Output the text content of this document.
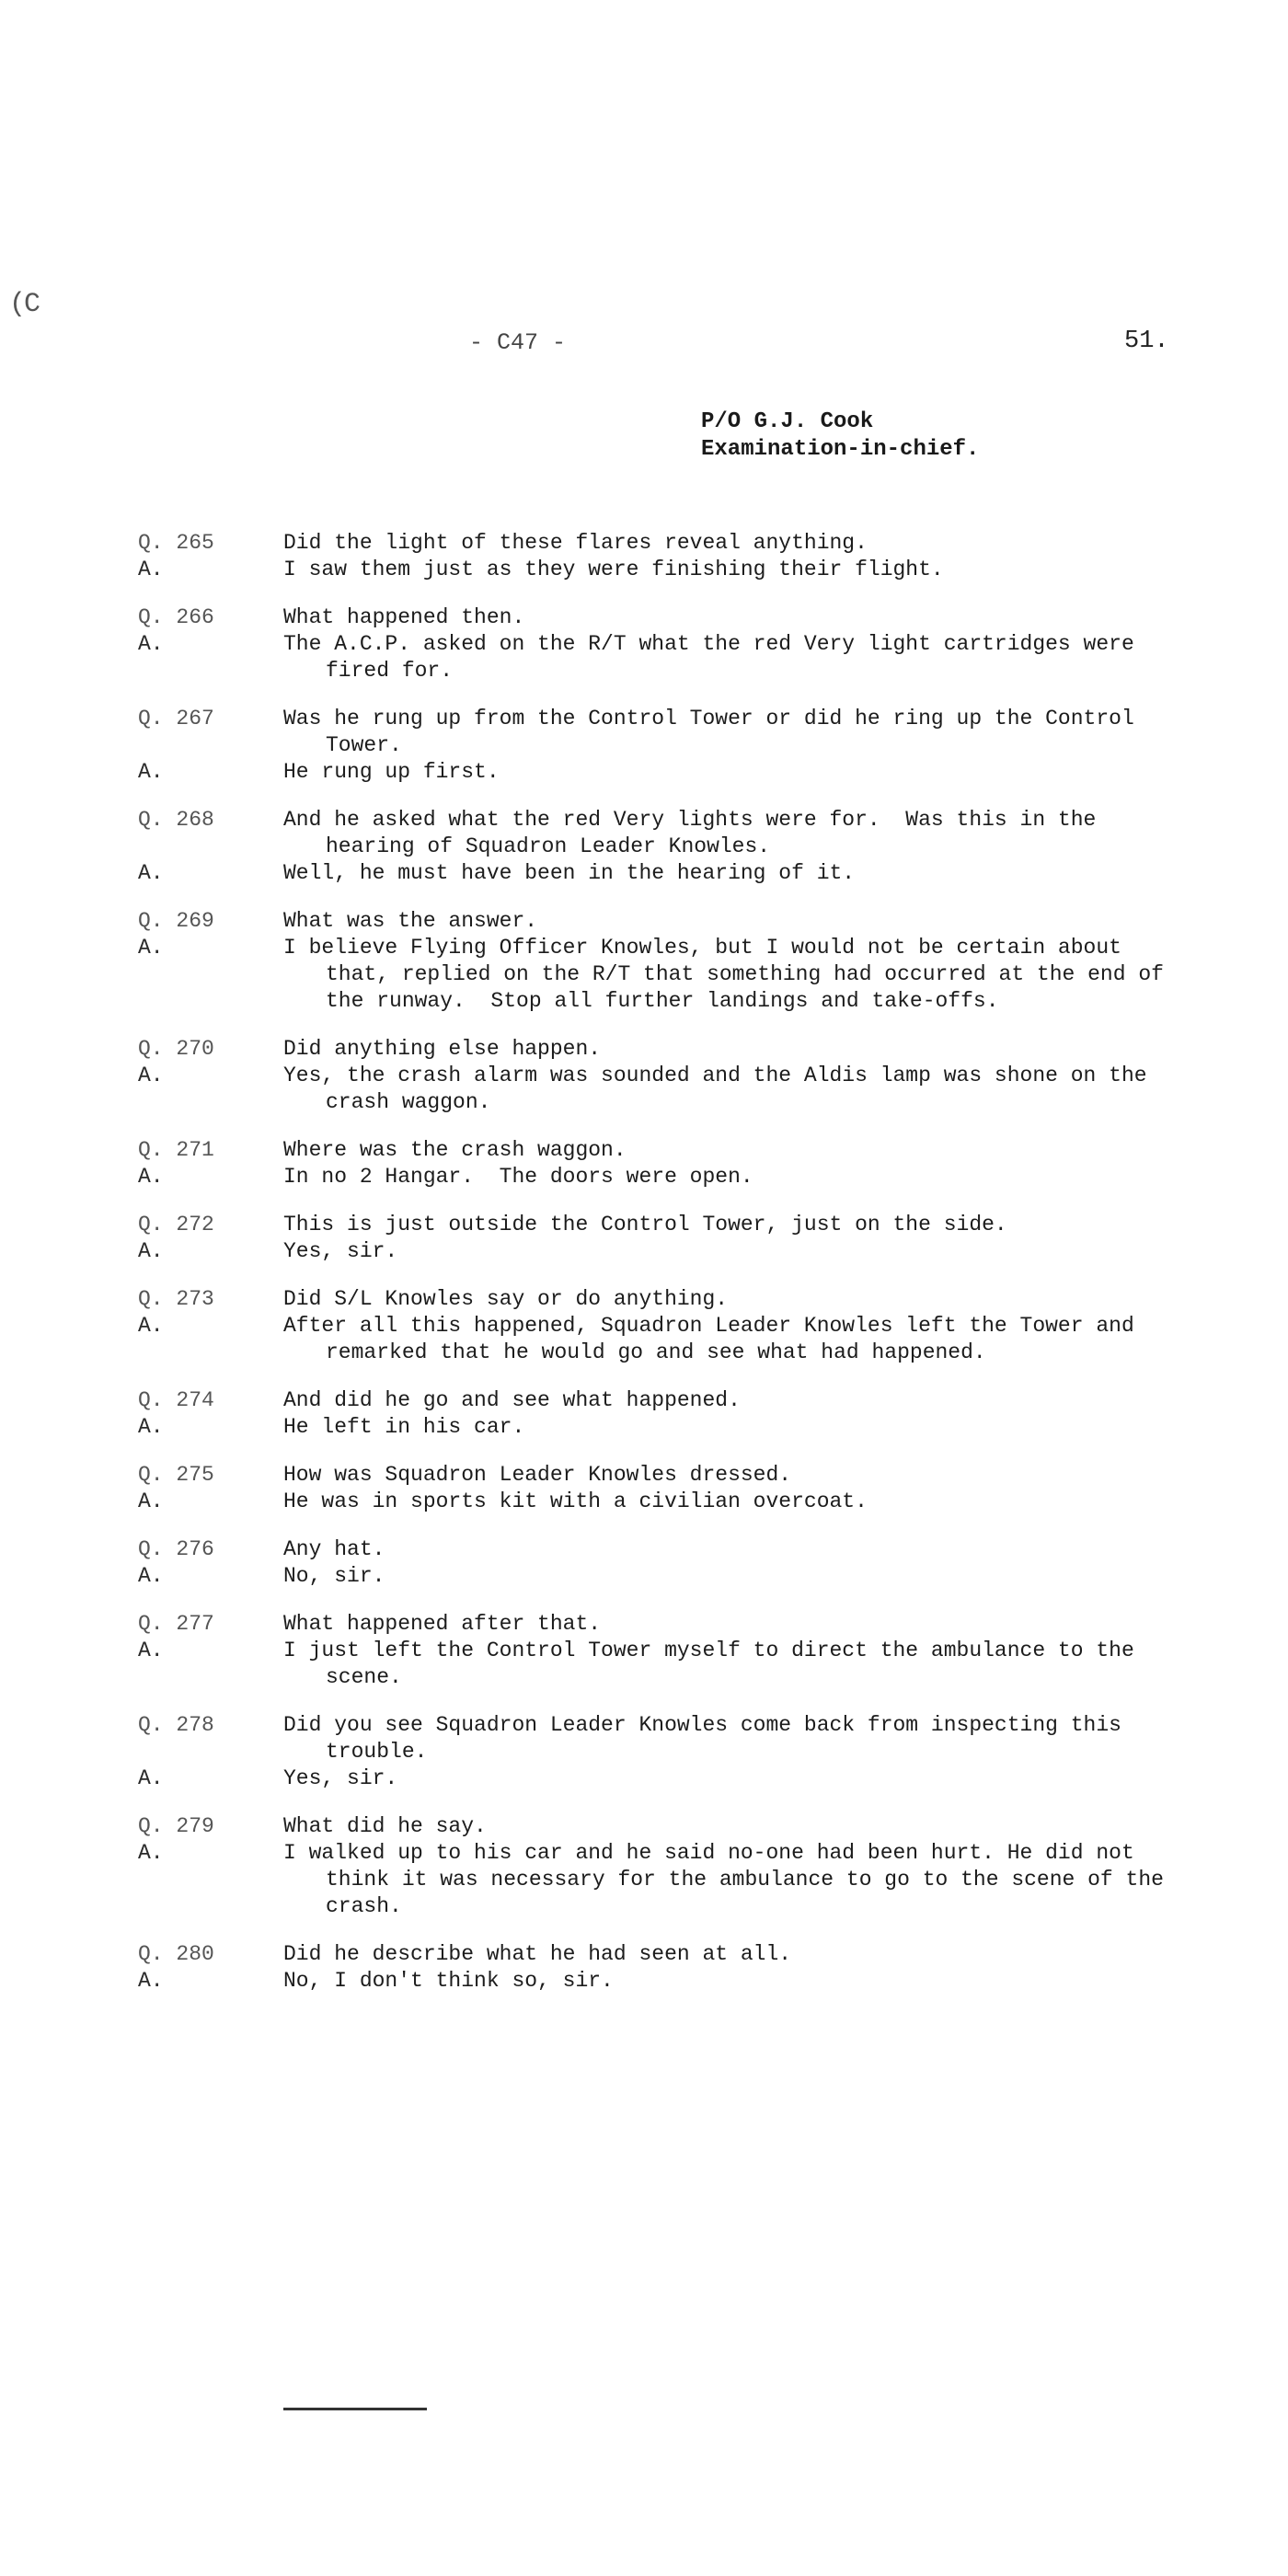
(C
- C47 -	51.
P/O G.J. Cook
Examination-in-chief.
Q. 265	Did the light of these flares reveal anything.
A.	I saw them just as they were finishing their flight.
Q. 266	What happened then.
A.	The A.C.P. asked on the R/T what the red Very light cartridges were fired for.
Q. 267	Was he rung up from the Control Tower or did he ring up the Control Tower.
A.	He rung up first.
Q. 268	And he asked what the red Very lights were for.  Was this in the hearing of Squadron Leader Knowles.
A.	Well, he must have been in the hearing of it.
Q. 269	What was the answer.
A.	I believe Flying Officer Knowles, but I would not be certain about that, replied on the R/T that something had occurred at the end of the runway.  Stop all further landings and take-offs.
Q. 270	Did anything else happen.
A.	Yes, the crash alarm was sounded and the Aldis lamp was shone on the crash waggon.
Q. 271	Where was the crash waggon.
A.	In no 2 Hangar.  The doors were open.
Q. 272	This is just outside the Control Tower, just on the side.
A.	Yes, sir.
Q. 273	Did S/L Knowles say or do anything.
A.	After all this happened, Squadron Leader Knowles left the Tower and remarked that he would go and see what had happened.
Q. 274	And did he go and see what happened.
A.	He left in his car.
Q. 275	How was Squadron Leader Knowles dressed.
A.	He was in sports kit with a civilian overcoat.
Q. 276	Any hat.
A.	No, sir.
Q. 277	What happened after that.
A.	I just left the Control Tower myself to direct the ambulance to the scene.
Q. 278	Did you see Squadron Leader Knowles come back from inspecting this trouble.
A.	Yes, sir.
Q. 279	What did he say.
A.	I walked up to his car and he said no-one had been hurt. He did not think it was necessary for the ambulance to go to the scene of the crash.
Q. 280	Did he describe what he had seen at all.
A.	No, I don't think so, sir.
